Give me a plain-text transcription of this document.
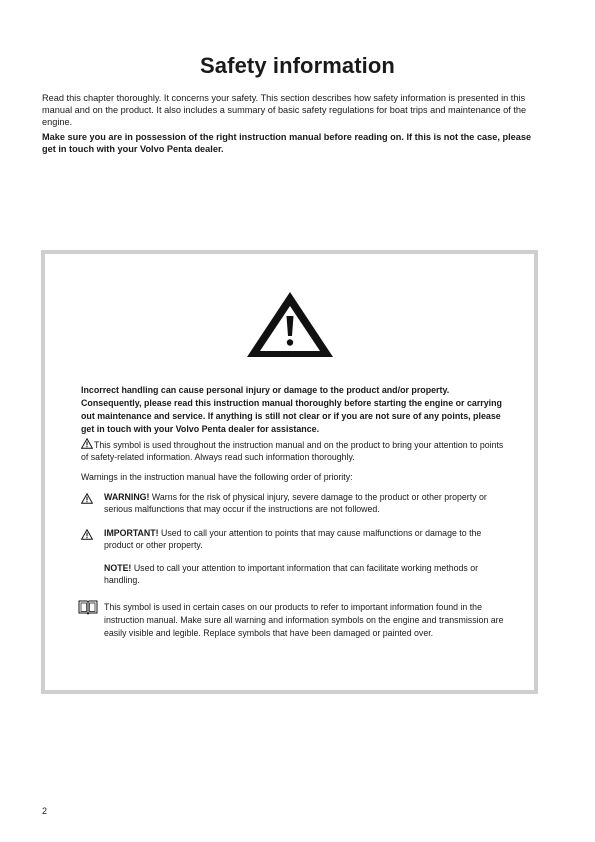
Safety information

Read this chapter thoroughly. It concerns your safety. This section describes how safety information is presented in this manual and on the product. It also includes a summary of basic safety regulations for boat trips and maintenance of the engine.

Make sure you are in possession of the right instruction manual before reading on. If this is not the case, please get in touch with your Volvo Penta dealer.

Incorrect handling can cause personal injury or damage to the product and/or property. Consequently, please read this instruction manual thoroughly before starting the engine or carrying out maintenance and service. If anything is still not clear or if you are not sure of any points, please get in touch with your Volvo Penta dealer for assistance.

This symbol is used throughout the instruction manual and on the product to bring your attention to points of safety-related information. Always read such information thoroughly.

Warnings in the instruction manual have the following order of priority:

WARNING! Warns for the risk of physical injury, severe damage to the product or other property or serious malfunctions that may occur if the instructions are not followed.
IMPORTANT! Used to call your attention to points that may cause malfunctions or damage to the product or other property.
NOTE! Used to call your attention to important information that can facilitate working methods or handling.
This symbol is used in certain cases on our products to refer to important information found in the instruction manual. Make sure all warning and information symbols on the engine and transmission are easily visible and legible. Replace symbols that have been damaged or painted over.
2
